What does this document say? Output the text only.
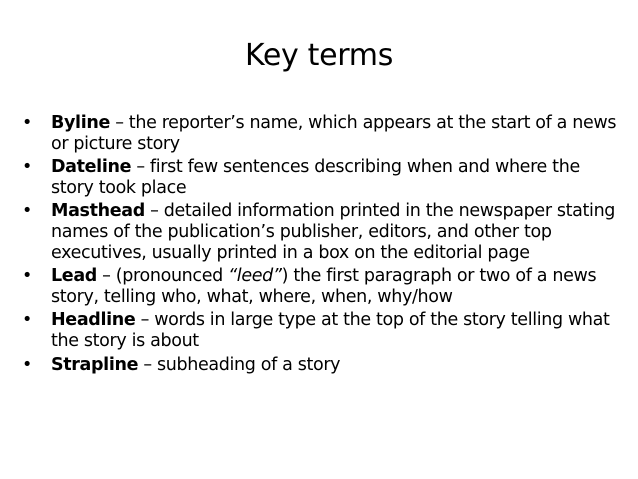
Key terms
•	Byline – the reporter’s name, which appears at the start of a news or picture story
•	Dateline – first few sentences describing when and where the story took place
•	Masthead – detailed information printed in the newspaper stating names of the publication’s publisher, editors, and other top executives, usually printed in a box on the editorial page
•	Lead – (pronounced “leed”) the first paragraph or two of a news story, telling who, what, where, when, why/how
•	Headline – words in large type at the top of the story telling what the story is about
•	Strapline – subheading of a story
